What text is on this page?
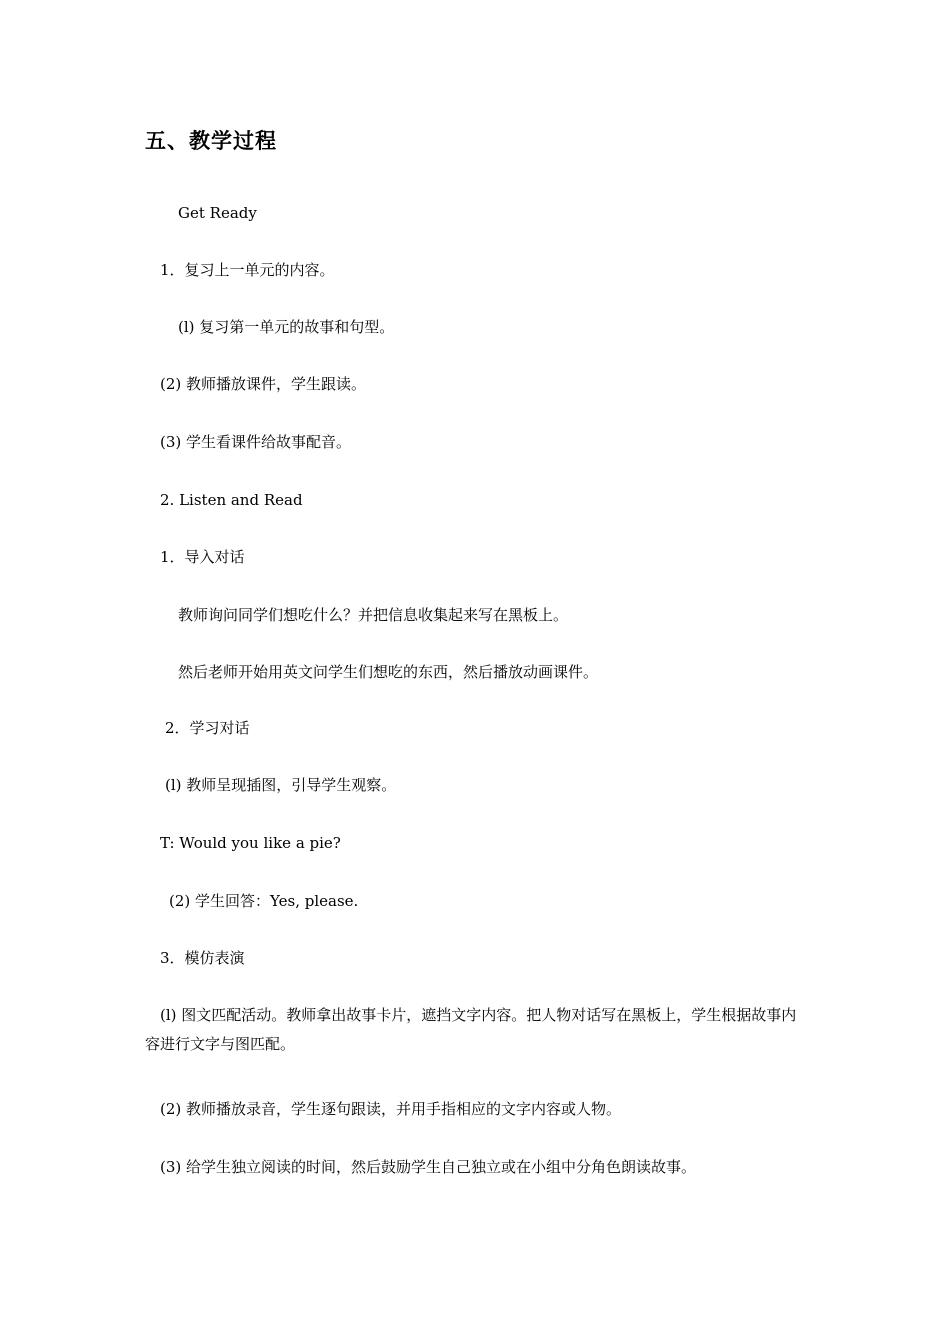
五、教学过程
Get Ready
1．复习上一单元的内容。
(l) 复习第一单元的故事和句型。
(2) 教师播放课件，学生跟读。
(3) 学生看课件给故事配音。
2. Listen and Read
1．导入对话
教师询问同学们想吃什么？并把信息收集起来写在黑板上。
然后老师开始用英文问学生们想吃的东西，然后播放动画课件。
2．学习对话
(l) 教师呈现插图，引导学生观察。
T: Would you like a pie?
(2) 学生回答：Yes, please.
3．模仿表演
(l) 图文匹配活动。教师拿出故事卡片，遮挡文字内容。把人物对话写在黑板上，学生根据故事内容进行文字与图匹配。
(2) 教师播放录音，学生逐句跟读，并用手指相应的文字内容或人物。
(3) 给学生独立阅读的时间，然后鼓励学生自己独立或在小组中分角色朗读故事。
